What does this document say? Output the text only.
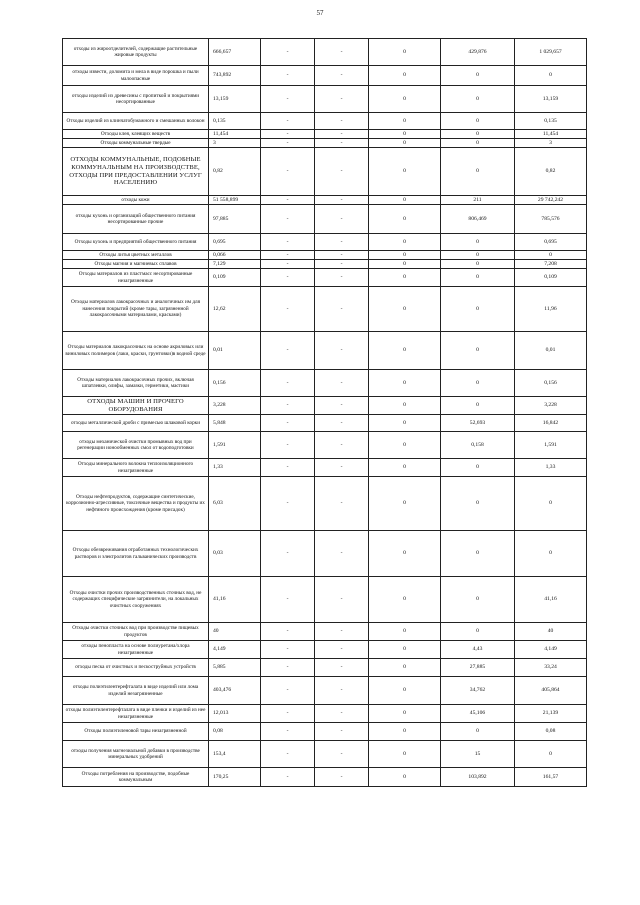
57
отходы из жироотделителей, содержащие растительные жировые продукты	666,657	-	-	0	429,876	1 029,657		
отходы извести, доломита и мела в виде порошка и пыли малоопасные	743,892	-	-	0	0	0		
отходы изделий из древесины с пропиткой и покрытиями несортированные	13,159	-	-	0	0	13,159		
Отходы изделий из клинчатобумажного и смешанных волокон	0,135	-	-	0	0	0,135		
Отходы клея, клеящих веществ	11,454	-	-	0	0	11,454		
Отходы коммунальные твердые	3	-	-	0	0	3		
ОТХОДЫ КОММУНАЛЬНЫЕ, ПОДОБНЫЕ КОММУНАЛЬНЫМ НА ПРОИЗВОДСТВЕ, ОТХОДЫ ПРИ ПРЕДОСТАВЛЕНИИ УСЛУГ НАСЕЛЕНИЮ	0,82	-	-	0	0	0,82		
отходы кожи	51 558,899	-	-	0	211	29 742,242		
отходы кухонь и организаций общественного питания несортированные прочие	97,885	-	-	0	806,469	785,576		
Отходы кухонь и предприятий общественного питания	0,695	-	-	0	0	0,695		
Отходы литья цветных металлов	0,066	-	-	0	0	0		
Отходы магния и магниевых сплавов	7,129	-	-	0	0	7,208		
Отходы материалов из пластмасс несортированные незагрязненные	0,109	-	-	0	0	0,109		
Отходы материалов лакокрасочных и аналогичных им для нанесения покрытий (кроме тары, загрязненной лакокрасочными материалами, красками)	12,62	-	-	0	0	11,96		
Отходы материалов лакокрасочных на основе акриловых или виниловых полимеров (лаки, краски, грунтовки)в водной среде	0,01	-	-	0	0	0,01		
Отходы материалов лакокрасочных прочих, включая шпатлевки, олифы, замазки, герметики, мастики	0,156	-	-	0	0	0,156		
ОТХОДЫ МАШИН И ПРОЧЕГО ОБОРУДОВАНИЯ	3,228	-	-	0	0	3,228		
отходы металлической дроби с примесью шлаковой корки	5,848	-	-	0	52,693	16,842		
отходы механической очистки промывных вод при регенерации ионообменных смол от водоподготовки	1,591	-	-	0	0,158	1,591		
Отходы минерального волокна теплоизоляционного незагрязненные	1,33	-	-	0	0	1,33		
Отходы нефтепродуктов, содержащие синтетические, коррозионно-агрессивные, токсичные вещества и продукты их нефтяного происхождения (кроме присадок)	6,03	-	-	0	0	0		
Отходы обезвреживания отработанных технологических растворов и электролитов гальванических производств	0,03	-	-	0	0	0		
Отходы очистки прочих производственных сточных вод, не содержащих специфические загрязнители, на локальных очистных сооружениях	41,16	-	-	0	0	41,16		
Отходы очистки сточных вод при производстве пищевых продуктов	40	-	-	0	0	40		
отходы пенопласта на основе полиуретана/хлора незагрязненные	4,149	-	-	0	4,43	4,149		
отходы песка от очистных и пескоструйных устройств	5,885	-	-	0	27,885	33,24		
отходы полиэтилентерефталата в виде изделий или лома изделий незагрязненные	403,476	-	-	0	34,762	405,864		
отходы полиэтилентерефталата в виде пленки и изделий из нее незагрязненные	12,013	-	-	0	45,106	21,139		
Отходы полиэтиленовой тары незагрязненной	0,08	-	-	0	0	0,08		
отходы получения магнезиальной добавки в производстве минеральных удобрений	153,4	-	-	0	15	0		
Отходы потребления на производстве, подобные коммунальным	170,25	-	-	0	103,892	161,57		
